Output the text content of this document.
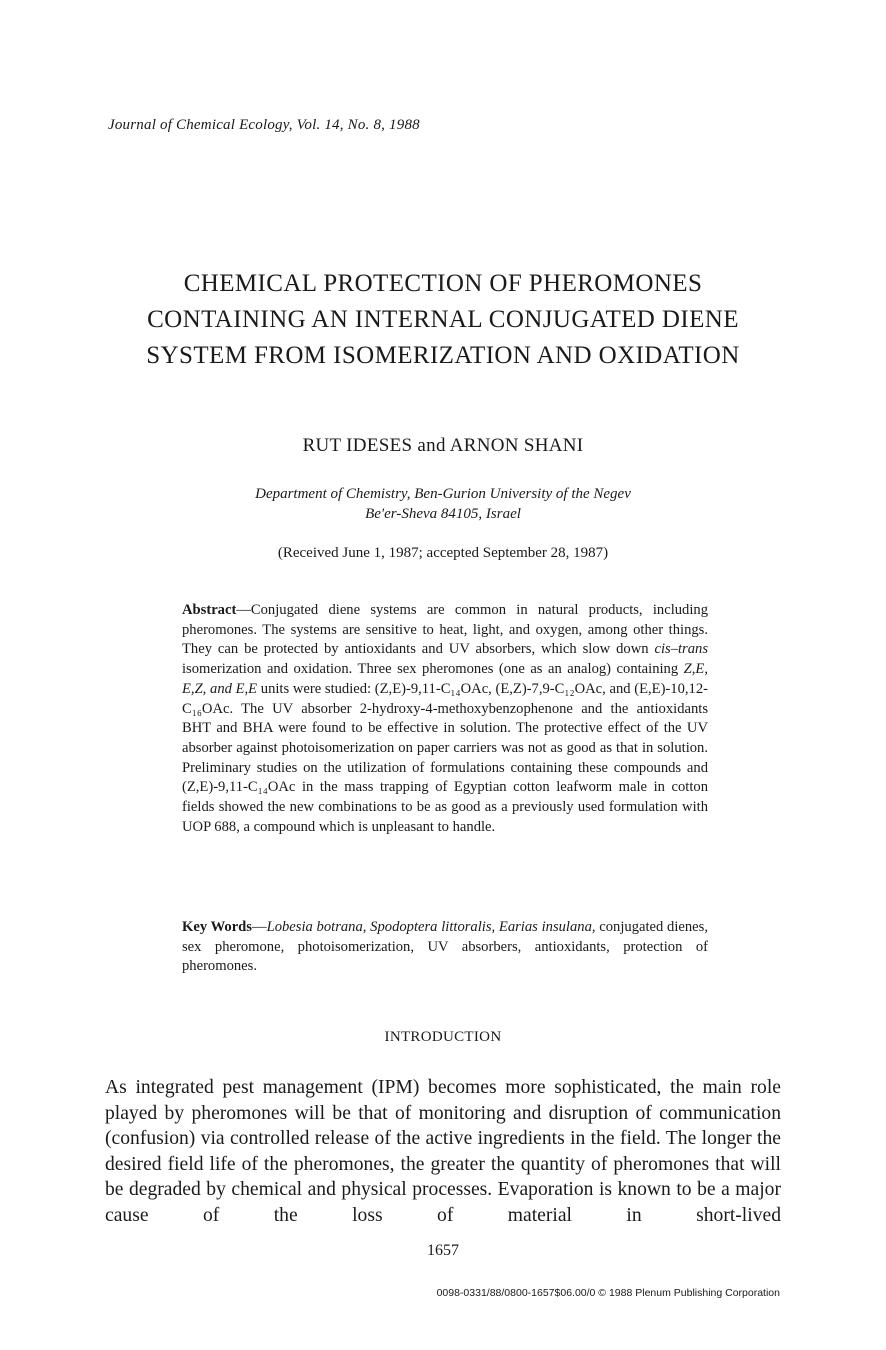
Journal of Chemical Ecology, Vol. 14, No. 8, 1988
CHEMICAL PROTECTION OF PHEROMONES
CONTAINING AN INTERNAL CONJUGATED DIENE
SYSTEM FROM ISOMERIZATION AND OXIDATION
RUT IDESES and ARNON SHANI
Department of Chemistry, Ben-Gurion University of the Negev
Be'er-Sheva 84105, Israel
(Received June 1, 1987; accepted September 28, 1987)
Abstract—Conjugated diene systems are common in natural products, including pheromones. The systems are sensitive to heat, light, and oxygen, among other things. They can be protected by antioxidants and UV absorbers, which slow down cis–trans isomerization and oxidation. Three sex pheromones (one as an analog) containing Z,E, E,Z, and E,E units were studied: (Z,E)-9,11-C₁₄OAc, (E,Z)-7,9-C₁₂OAc, and (E,E)-10,12-C₁₆OAc. The UV absorber 2-hydroxy-4-methoxybenzophenone and the antioxidants BHT and BHA were found to be effective in solution. The protective effect of the UV absorber against photoisomerization on paper carriers was not as good as that in solution. Preliminary studies on the utilization of formulations containing these compounds and (Z,E)-9,11-C₁₄OAc in the mass trapping of Egyptian cotton leafworm male in cotton fields showed the new combinations to be as good as a previously used formulation with UOP 688, a compound which is unpleasant to handle.
Key Words—Lobesia botrana, Spodoptera littoralis, Earias insulana, conjugated dienes, sex pheromone, photoisomerization, UV absorbers, antioxidants, protection of pheromones.
INTRODUCTION
As integrated pest management (IPM) becomes more sophisticated, the main role played by pheromones will be that of monitoring and disruption of communication (confusion) via controlled release of the active ingredients in the field. The longer the desired field life of the pheromones, the greater the quantity of pheromones that will be degraded by chemical and physical processes. Evaporation is known to be a major cause of the loss of material in short-lived
1657
0098-0331/88/0800-1657$06.00/0 © 1988 Plenum Publishing Corporation
